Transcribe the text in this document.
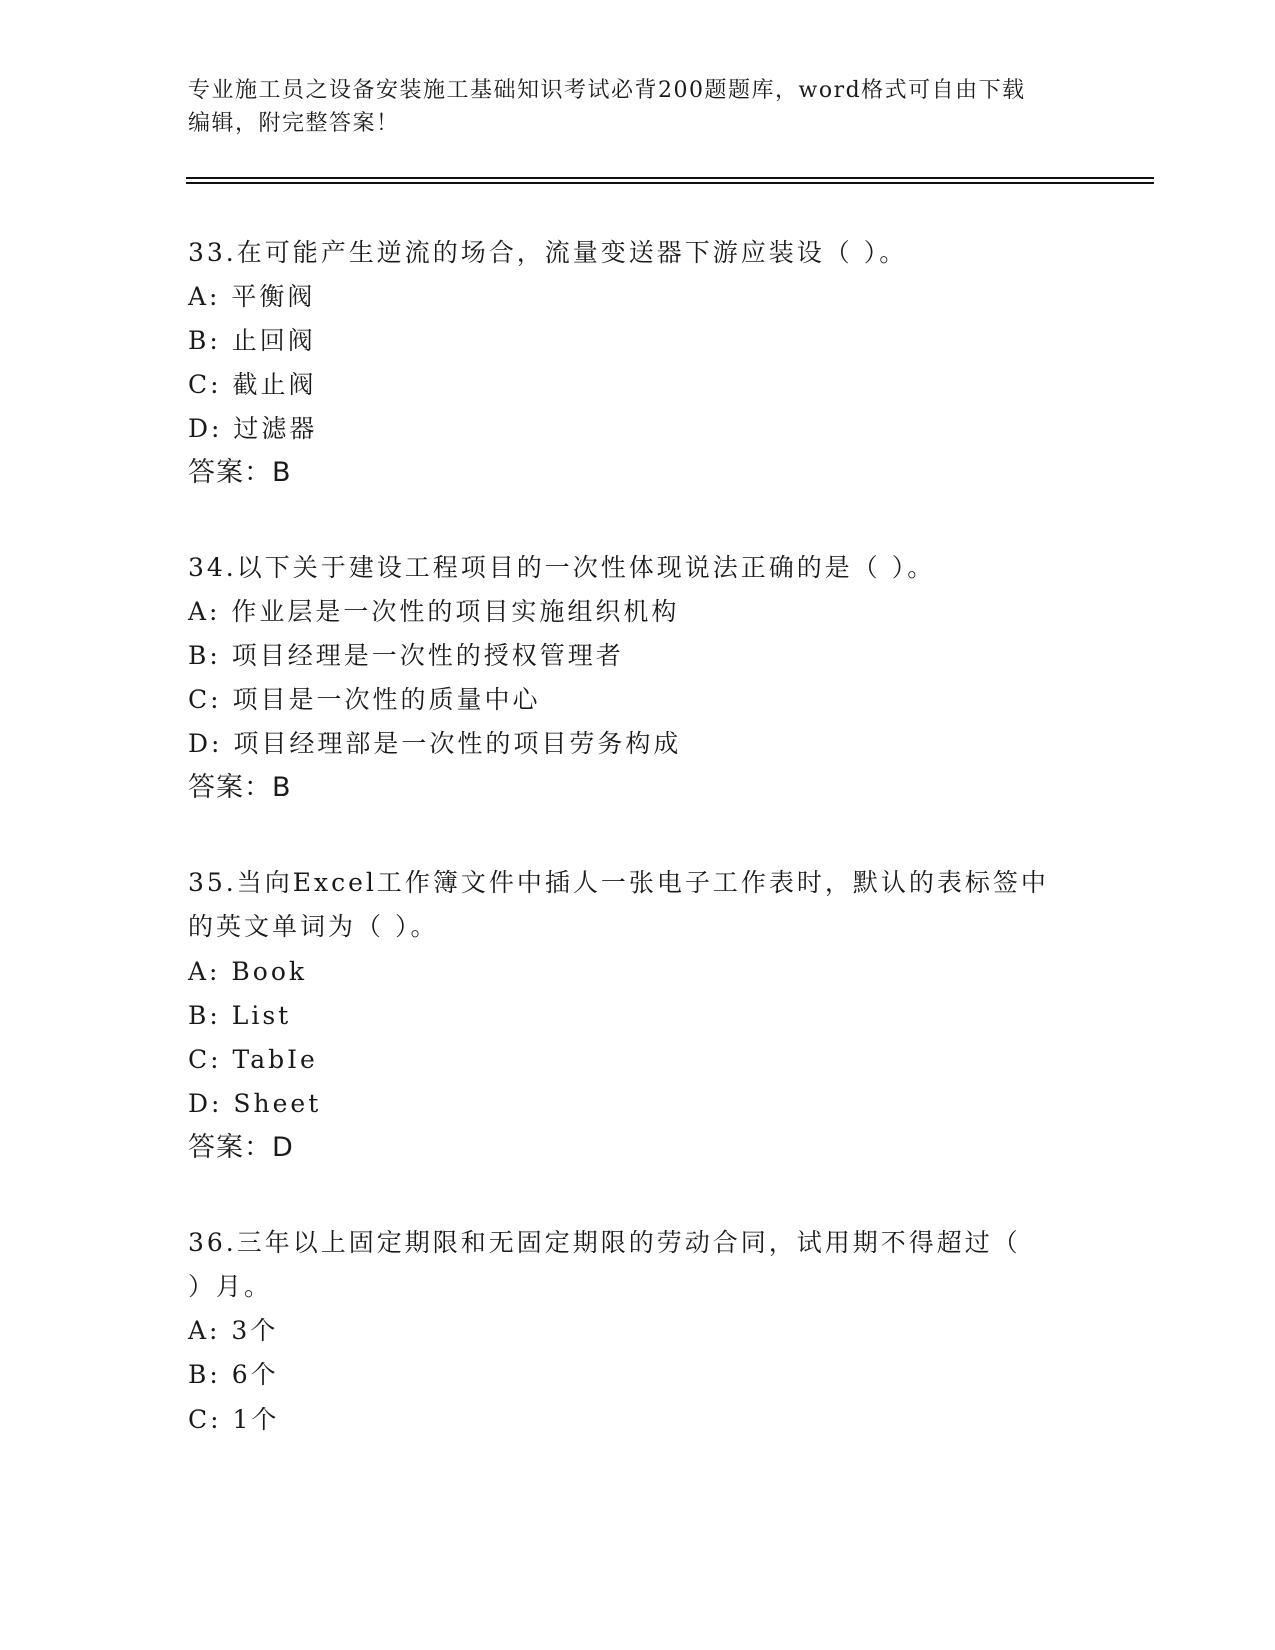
专业施工员之设备安装施工基础知识考试必背200题题库，word格式可自由下载
编辑，附完整答案！
33.在可能产生逆流的场合，流量变送器下游应装设（ ）。
A: 平衡阀
B: 止回阀
C: 截止阀
D: 过滤器
答案：B
34.以下关于建设工程项目的一次性体现说法正确的是（ ）。
A: 作业层是一次性的项目实施组织机构
B: 项目经理是一次性的授权管理者
C: 项目是一次性的质量中心
D: 项目经理部是一次性的项目劳务构成
答案：B
35.当向Excel工作簿文件中插人一张电子工作表时，默认的表标签中
的英文单词为（ ）。
A: Book
B: List
C: TabIe
D: Sheet
答案：D
36.三年以上固定期限和无固定期限的劳动合同，试用期不得超过（
）月。
A: 3个
B: 6个
C: 1个
